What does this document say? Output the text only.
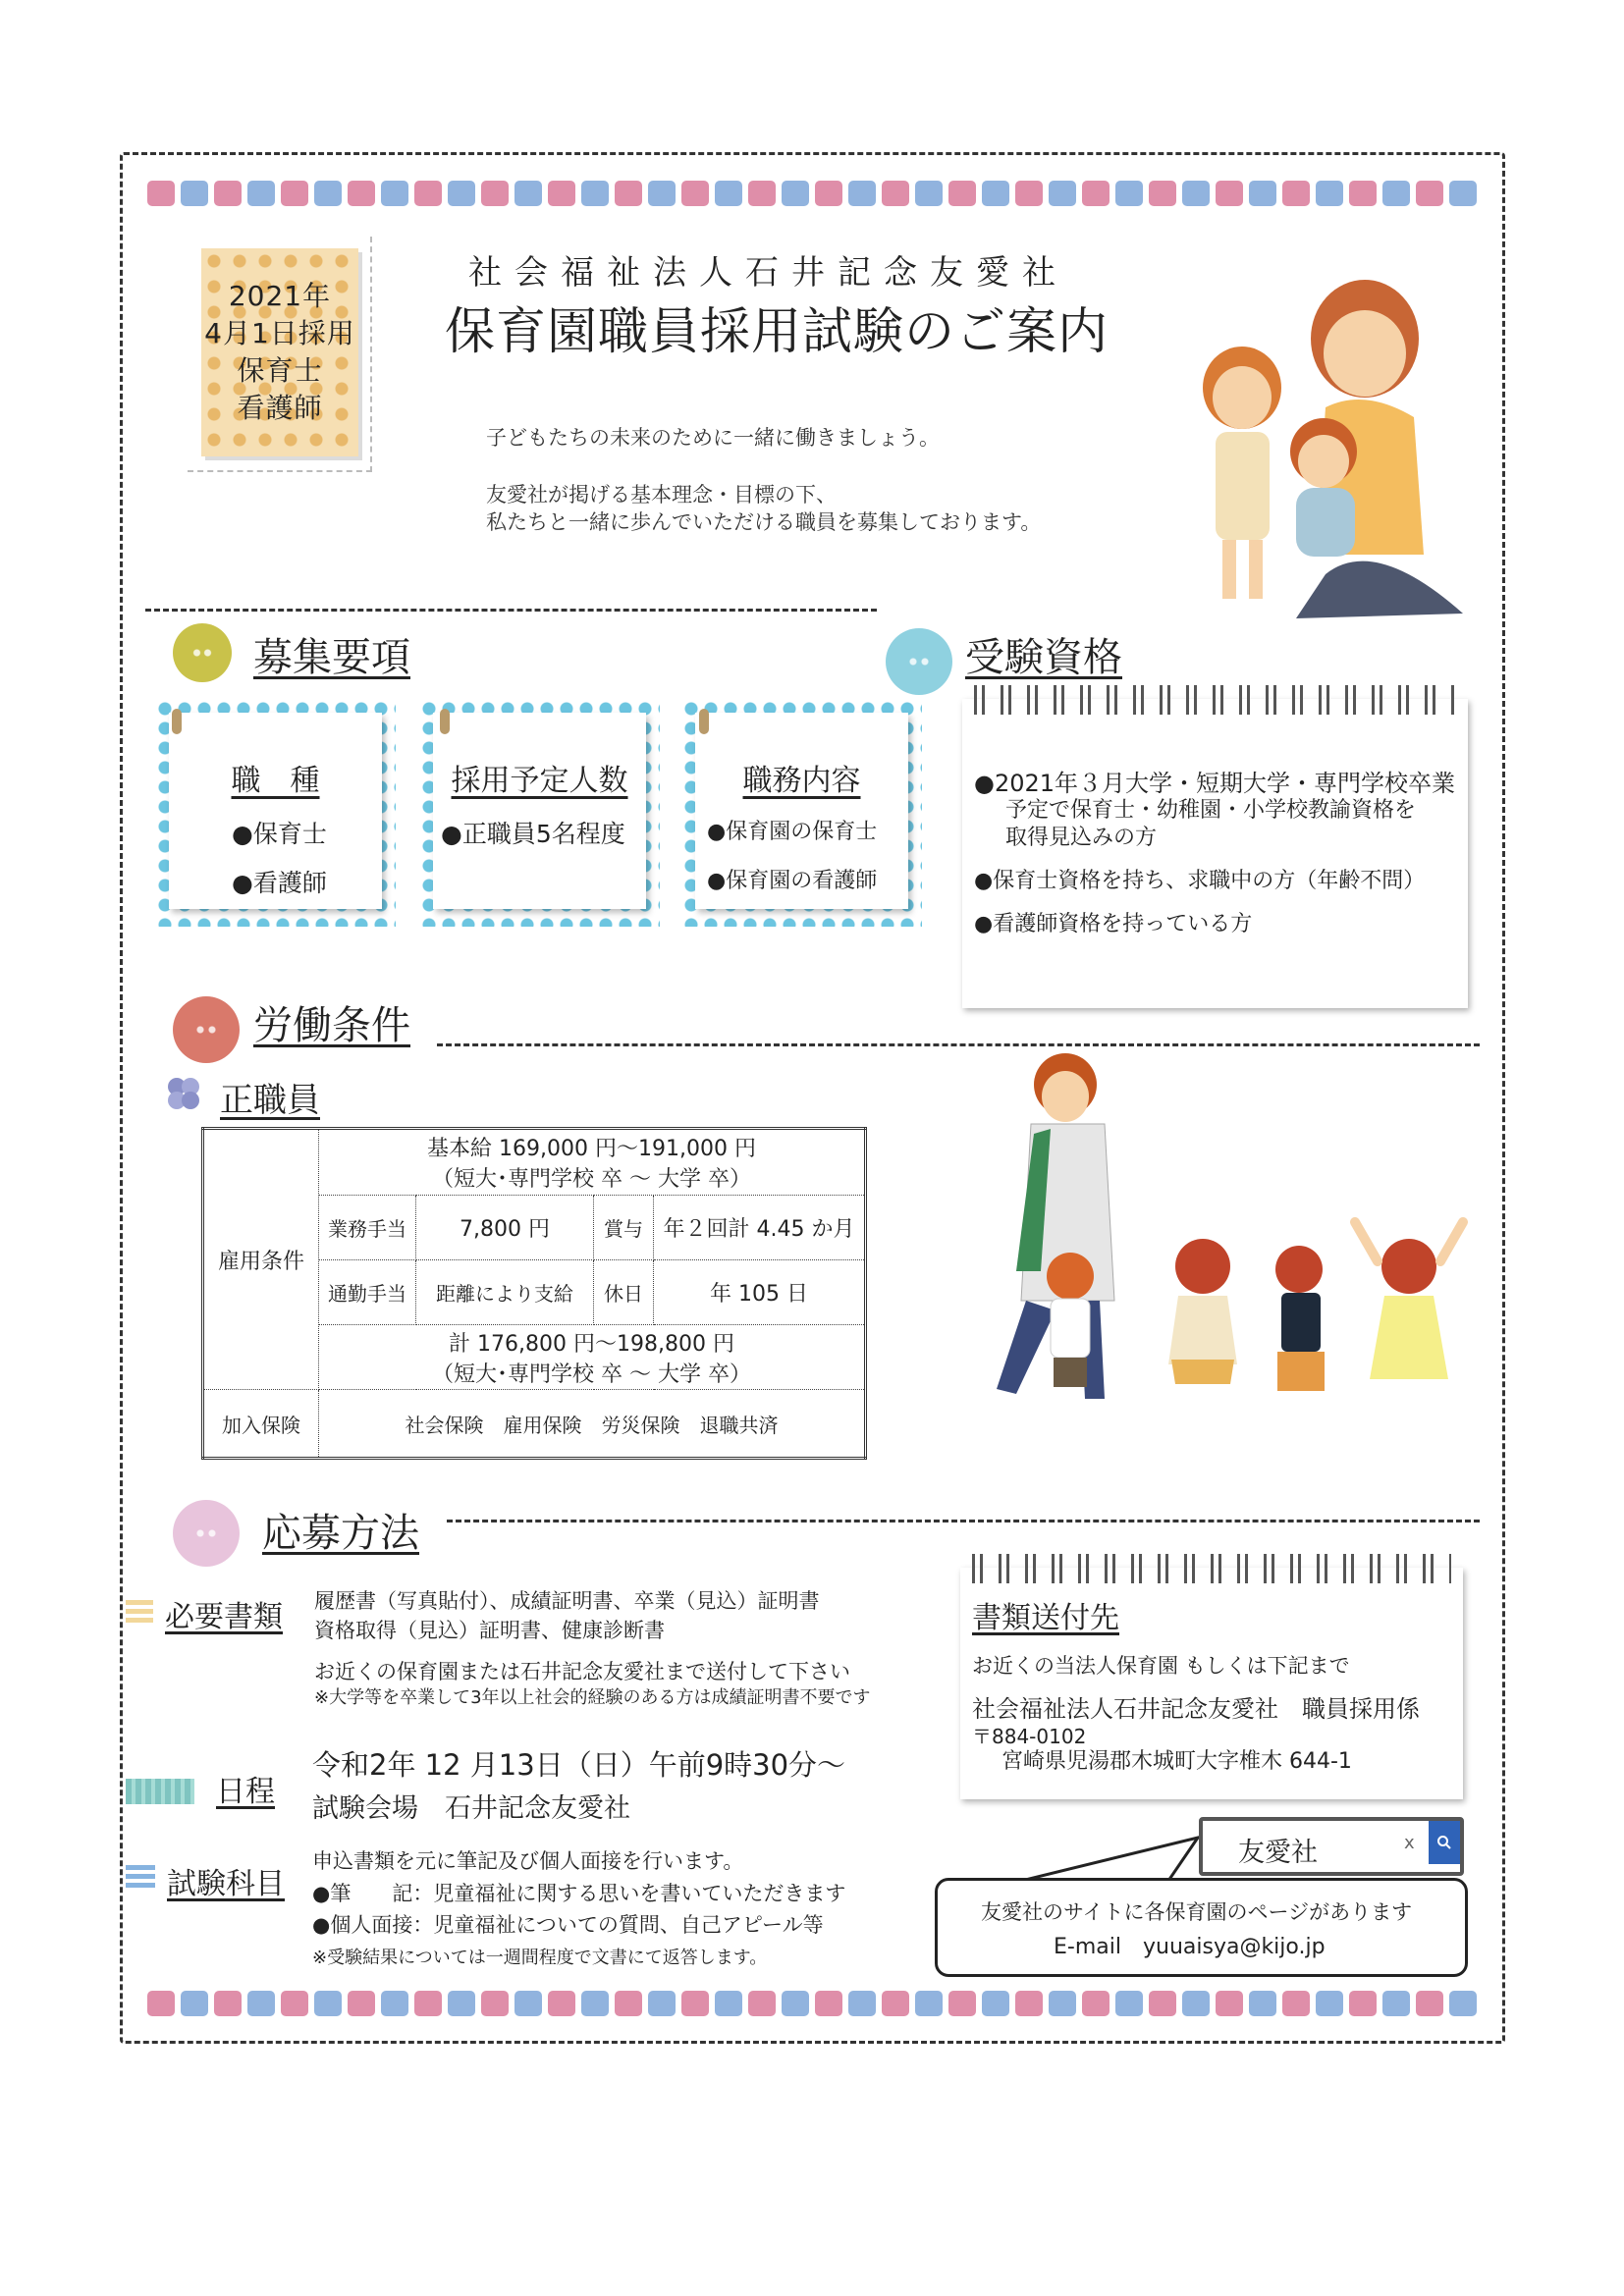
2021年
4月1日採用
保育士
看護師
社会福祉法人石井記念友愛社
保育園職員採用試験のご案内
子どもたちの未来のために一緒に働きましょう。
友愛社が掲げる基本理念・目標の下、
私たちと一緒に歩んでいただける職員を募集しております。
募集要項
職　種
●保育士
●看護師
採用予定人数
●正職員5名程度
職務内容
●保育園の保育士
●保育園の看護師
受験資格

●2021年３月大学・短期大学・専門学校卒業

予定で保育士・幼稚園・小学校教諭資格を

取得見込みの方

●保育士資格を持ち、求職中の方（年齢不問）

●看護師資格を持っている方

労働条件
正職員
雇用条件	基本給 169,000 円～191,000 円
（短大･専門学校 卒 ～ 大学 卒）			

	業務手当	7,800 円	賞与	年２回計 4.45 か月
	通勤手当	距離により支給	休日	年 105 日

	計 176,800 円～198,800 円
（短大･専門学校 卒 ～ 大学 卒）			

加入保険	社会保険　雇用保険　労災保険　退職共済			
応募方法
必要書類 履歴書（写真貼付）、成績証明書、卒業（見込）証明書
資格取得（見込）証明書、健康診断書
お近くの保育園または石井記念友愛社まで送付して下さい
※大学等を卒業して3年以上社会的経験のある方は成績証明書不要です
日程
令和2年 12 月13日（日）午前9時30分～
試験会場　石井記念友愛社
試験科目
申込書類を元に筆記及び個人面接を行います。
●筆　　記：児童福祉に関する思いを書いていただきます
●個人面接：児童福祉についての質問、自己アピール等
※受験結果については一週間程度で文書にて返答します。

書類送付先

お近くの当法人保育園 もしくは下記まで

社会福祉法人石井記念友愛社　職員採用係

〒884-0102

宮崎県児湯郡木城町大字椎木 644-1

友愛社のサイトに各保育園のページがあります
E-mail　yuuaisya@kijo.jp
友愛社	x
